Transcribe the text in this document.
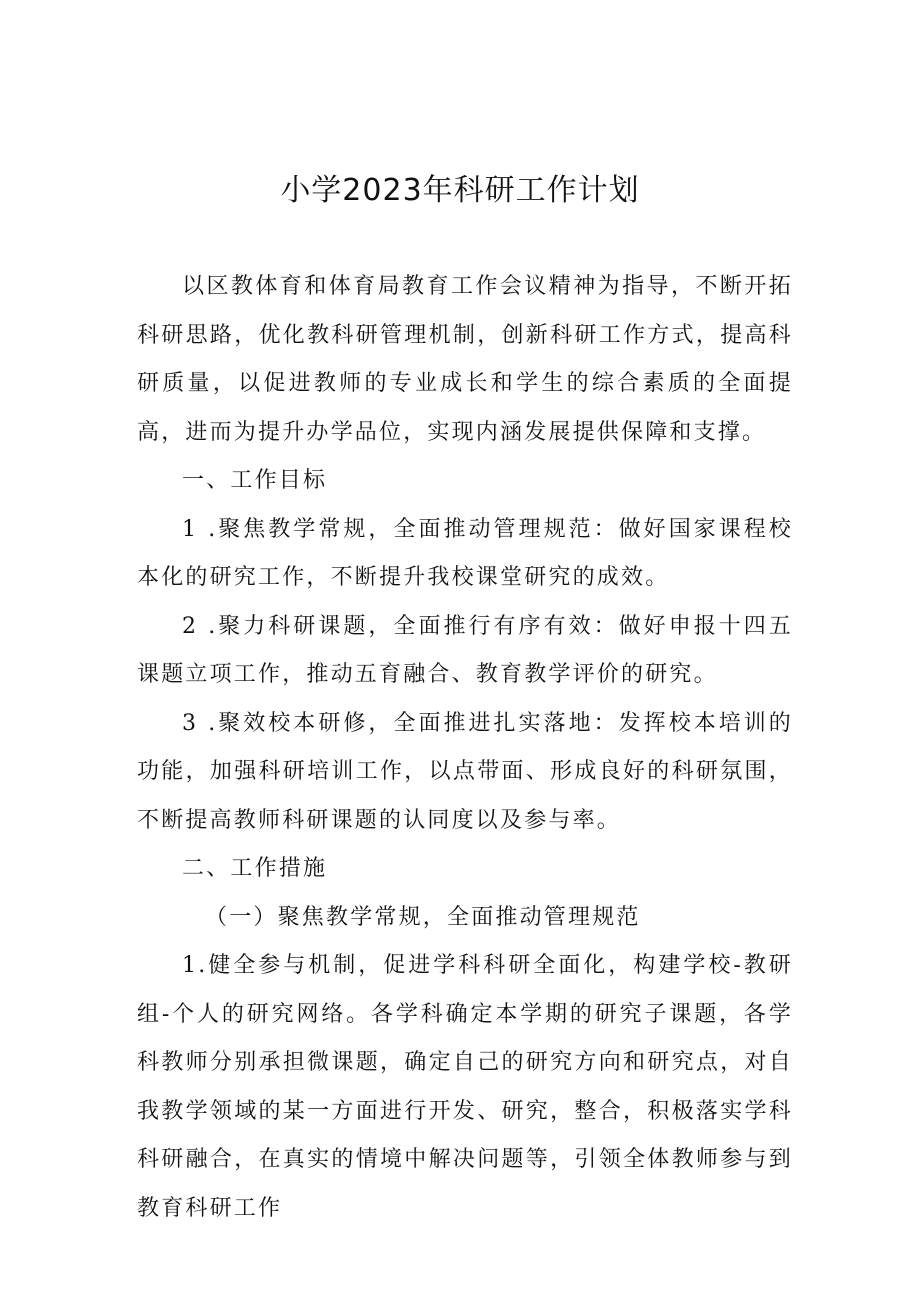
小学2023年科研工作计划

以区教体育和体育局教育工作会议精神为指导，不断开拓科研思路，优化教科研管理机制，创新科研工作方式，提高科研质量，以促进教师的专业成长和学生的综合素质的全面提高，进而为提升办学品位，实现内涵发展提供保障和支撑。

一、工作目标

1 .聚焦教学常规，全面推动管理规范：做好国家课程校本化的研究工作，不断提升我校课堂研究的成效。

2 .聚力科研课题，全面推行有序有效：做好申报十四五课题立项工作，推动五育融合、教育教学评价的研究。

3 .聚效校本研修，全面推进扎实落地：发挥校本培训的功能，加强科研培训工作，以点带面、形成良好的科研氛围，不断提高教师科研课题的认同度以及参与率。

二、工作措施

（一）聚焦教学常规，全面推动管理规范

1.健全参与机制，促进学科科研全面化，构建学校-教研组-个人的研究网络。各学科确定本学期的研究子课题，各学科教师分别承担微课题，确定自己的研究方向和研究点，对自我教学领域的某一方面进行开发、研究，整合，积极落实学科科研融合，在真实的情境中解决问题等，引领全体教师参与到教育科研工作
